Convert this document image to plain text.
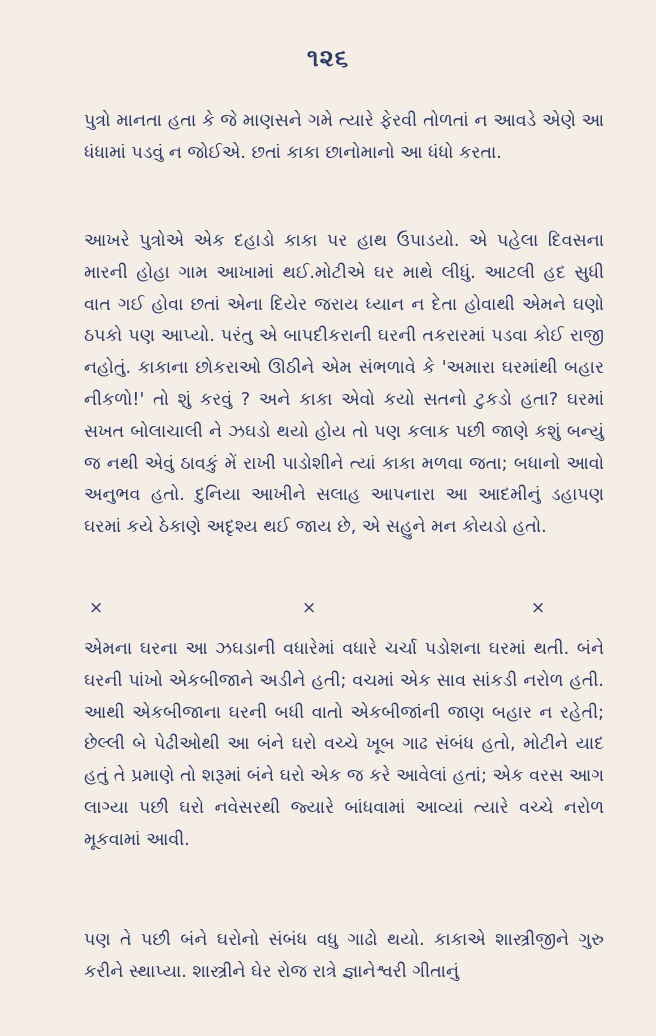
૧૨૬

પુત્રો માનતા હતા કે જે માણસને ગમે ત્યારે ફેરવી તોળતાં ન આવડે એણે આ ધંધામાં પડવું ન જોઈએ. છતાં કાકા છાનોમાનો આ ધંધો કરતા.

આખરે પુત્રોએ એક દહાડો કાકા પર હાથ ઉપાડયો. એ પહેલા દિવસના મારની હોહા ગામ આખામાં થઈ.મોટીએ ઘર માથે લીધું. આટલી હદ સુધી વાત ગઈ હોવા છતાં એના દિયેર જરાય ધ્યાન ન દેતા હોવાથી એમને ઘણો ઠપકો પણ આપ્યો. પરંતુ એ બાપદીકરાની ઘરની તકરારમાં પડવા કોઈ રાજી નહોતું. કાકાના છોકરાઓ ઊઠીને એમ સંભળાવે કે 'અમારા ઘરમાંથી બહાર નીકળો!' તો શું કરવું ? અને કાકા એવો કયો સતનો ટુકડો હતા? ઘરમાં સખત બોલાચાલી ને ઝઘડો થયો હોય તો પણ કલાક પછી જાણે કશું બન્યું જ નથી એવું ઠાવકું મેં રાખી પાડોશીને ત્યાં કાકા મળવા જતા; બધાનો આવો અનુભવ હતો. દુનિયા આખીને સલાહ આપનારા આ આદમીનું ડહાપણ ઘરમાં કયે ઠેકાણે અદૃશ્ય થઈ જાય છે, એ સહુને મન કોયડો હતો.

×	×	×

એમના ઘરના આ ઝઘડાની વધારેમાં વધારે ચર્ચા પડોશના ઘરમાં થતી. બંને ઘરની પાંખો એકબીજાને અડીને હતી; વચમાં એક સાવ સાંકડી નરોળ હતી. આથી એકબીજાના ઘરની બધી વાતો એકબીજાંની જાણ બહાર ન રહેતી; છેલ્લી બે પેઢીઓથી આ બંને ઘરો વચ્ચે ખૂબ ગાઢ સંબંધ હતો, મોટીને યાદ હતું તે પ્રમાણે તો શરૂમાં બંને ઘરો એક જ કરે આવેલાં હતાં; એક વરસ આગ લાગ્યા પછી ઘરો નવેસરથી જ્યારે બાંધવામાં આવ્યાં ત્યારે વચ્ચે નરોળ મૂકવામાં આવી.

પણ તે પછી બંને ઘરોનો સંબંધ વધુ ગાઢો થયો. કાકાએ શાસ્ત્રીજીને ગુરુ કરીને સ્થાપ્યા. શાસ્ત્રીને ઘેર રોજ રાત્રે જ્ઞાનેશ્વરી ગીતાનું
